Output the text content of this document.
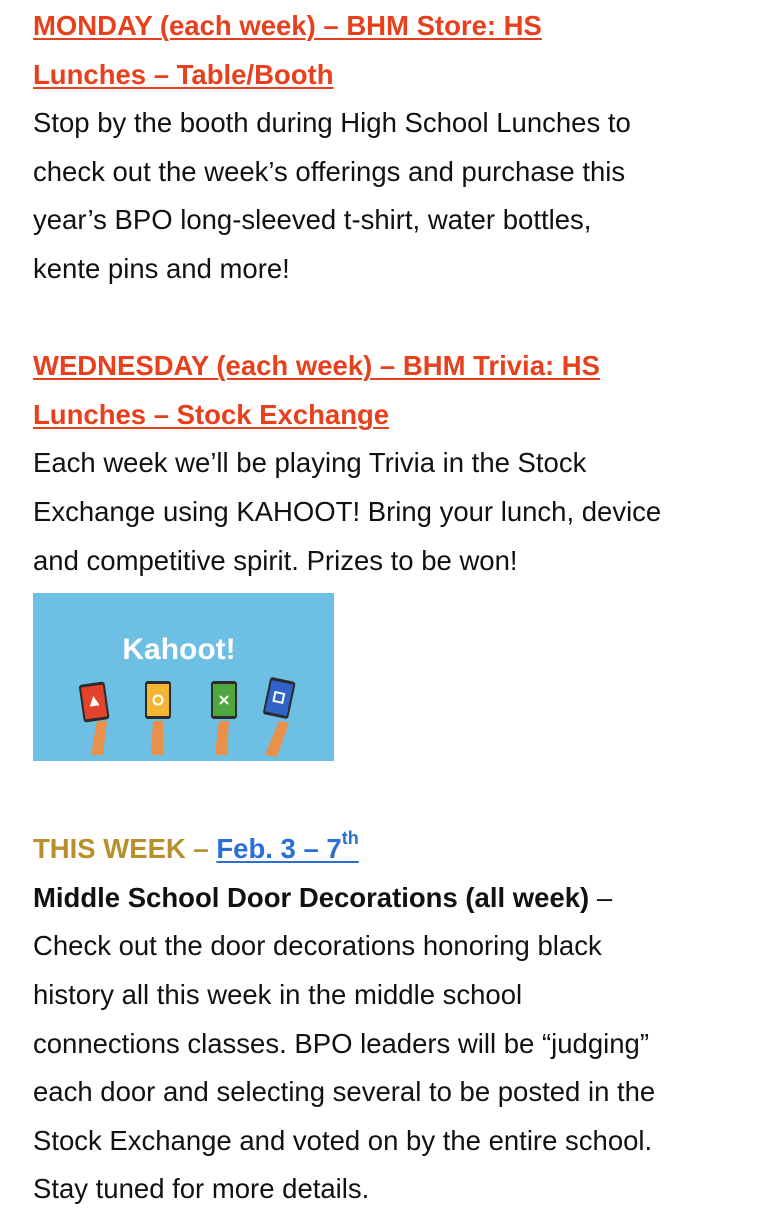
MONDAY (each week) – BHM Store: HS
Lunches – Table/Booth
Stop by the booth during High School Lunches to
check out the week’s offerings and purchase this
year’s BPO long-sleeved t-shirt, water bottles,
kente pins and more!
WEDNESDAY (each week) – BHM Trivia: HS
Lunches – Stock Exchange
Each week we’ll be playing Trivia in the Stock
Exchange using KAHOOT! Bring your lunch, device
and competitive spirit. Prizes to be won!
Kahoot!
THIS WEEK – Feb. 3 – 7th
Middle School Door Decorations (all week) –
Check out the door decorations honoring black
history all this week in the middle school
connections classes. BPO leaders will be “judging”
each door and selecting several to be posted in the
Stock Exchange and voted on by the entire school.
Stay tuned for more details.
